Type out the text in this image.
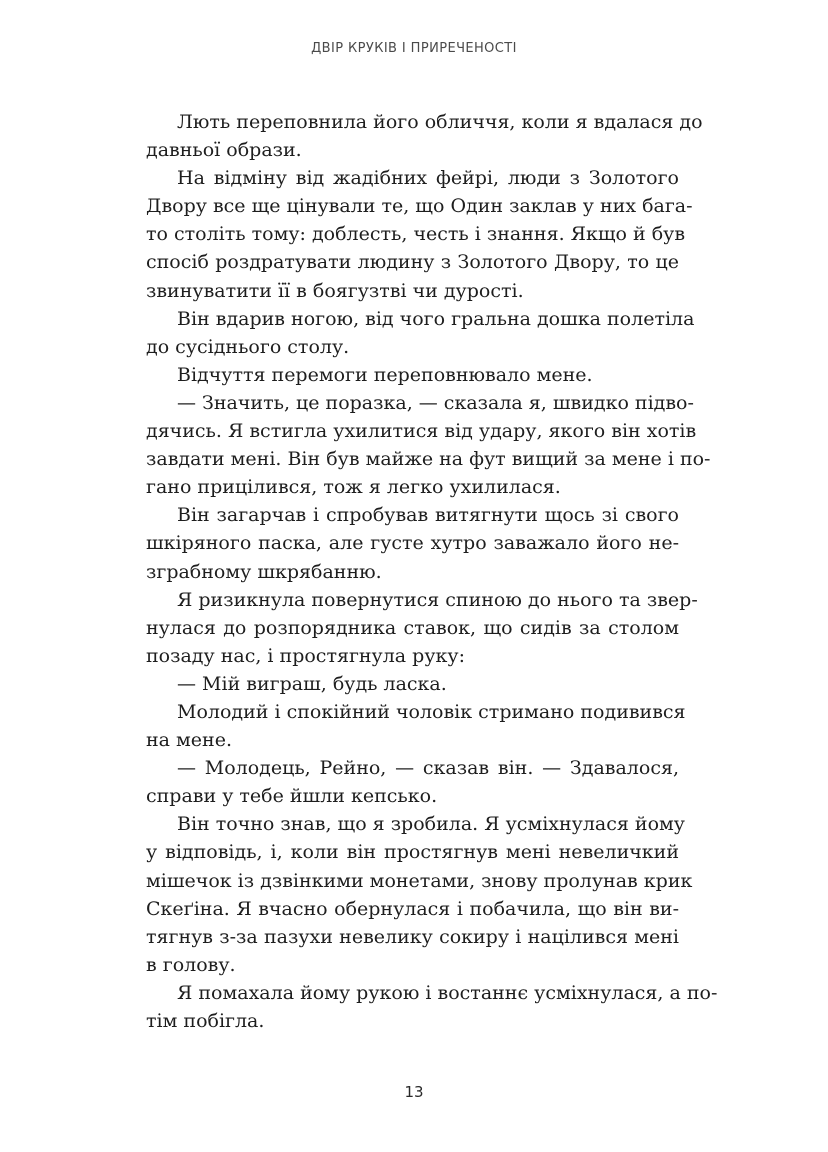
ДВІР КРУКІВ І ПРИРЕЧЕНОСТІ
Лють переповнила його обличчя, коли я вдалася до
давньої образи.
На відміну від жадібних фейрі, люди з Золотого
Двору все ще цінували те, що Один заклав у них бага-
то століть тому: доблесть, честь і знання. Якщо й був
спосіб роздратувати людину з Золотого Двору, то це
звинуватити її в боягузтві чи дурості.
Він вдарив ногою, від чого гральна дошка полетіла
до сусіднього столу.
Відчуття перемоги переповнювало мене.
— Значить, це поразка, — сказала я, швидко підво-
дячись. Я встигла ухилитися від удару, якого він хотів
завдати мені. Він був майже на фут вищий за мене і по-
гано прицілився, тож я легко ухилилася.
Він загарчав і спробував витягнути щось зі свого
шкіряного паска, але густе хутро заважало його не-
зграбному шкрябанню.
Я ризикнула повернутися спиною до нього та звер-
нулася до розпорядника ставок, що сидів за столом
позаду нас, і простягнула руку:
— Мій виграш, будь ласка.
Молодий і спокійний чоловік стримано подивився
на мене.
— Молодець, Рейно, — сказав він. — Здавалося,
справи у тебе йшли кепсько.
Він точно знав, що я зробила. Я усміхнулася йому
у відповідь, і, коли він простягнув мені невеличкий
мішечок із дзвінкими монетами, знову пролунав крик
Скеґіна. Я вчасно обернулася і побачила, що він ви-
тягнув з-за пазухи невелику сокиру і націлився мені
в голову.
Я помахала йому рукою і востаннє усміхнулася, а по-
тім побігла.
13
